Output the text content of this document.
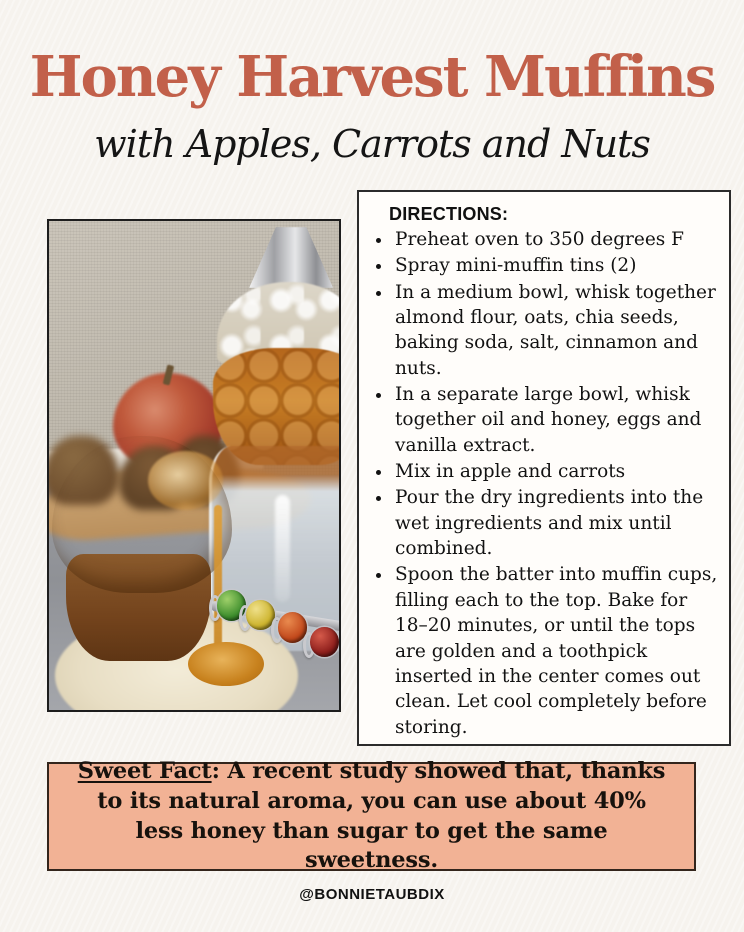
Honey Harvest Muffins
with Apples, Carrots and Nuts
DIRECTIONS:
• Preheat oven to 350 degrees F
• Spray mini-muffin tins (2)
• In a medium bowl, whisk together almond flour, oats, chia seeds, baking soda, salt, cinnamon and nuts.
• In a separate large bowl, whisk together oil and honey, eggs and vanilla extract.
• Mix in apple and carrots
• Pour the dry ingredients into the wet ingredients and mix until combined.
• Spoon the batter into muffin cups, filling each to the top. Bake for 18–20 minutes, or until the tops are golden and a toothpick inserted in the center comes out clean. Let cool completely before storing.

Sweet Fact: A recent study showed that, thanks to its natural aroma, you can use about 40% less honey than sugar to get the same sweetness.

@BONNIETAUBDIX
